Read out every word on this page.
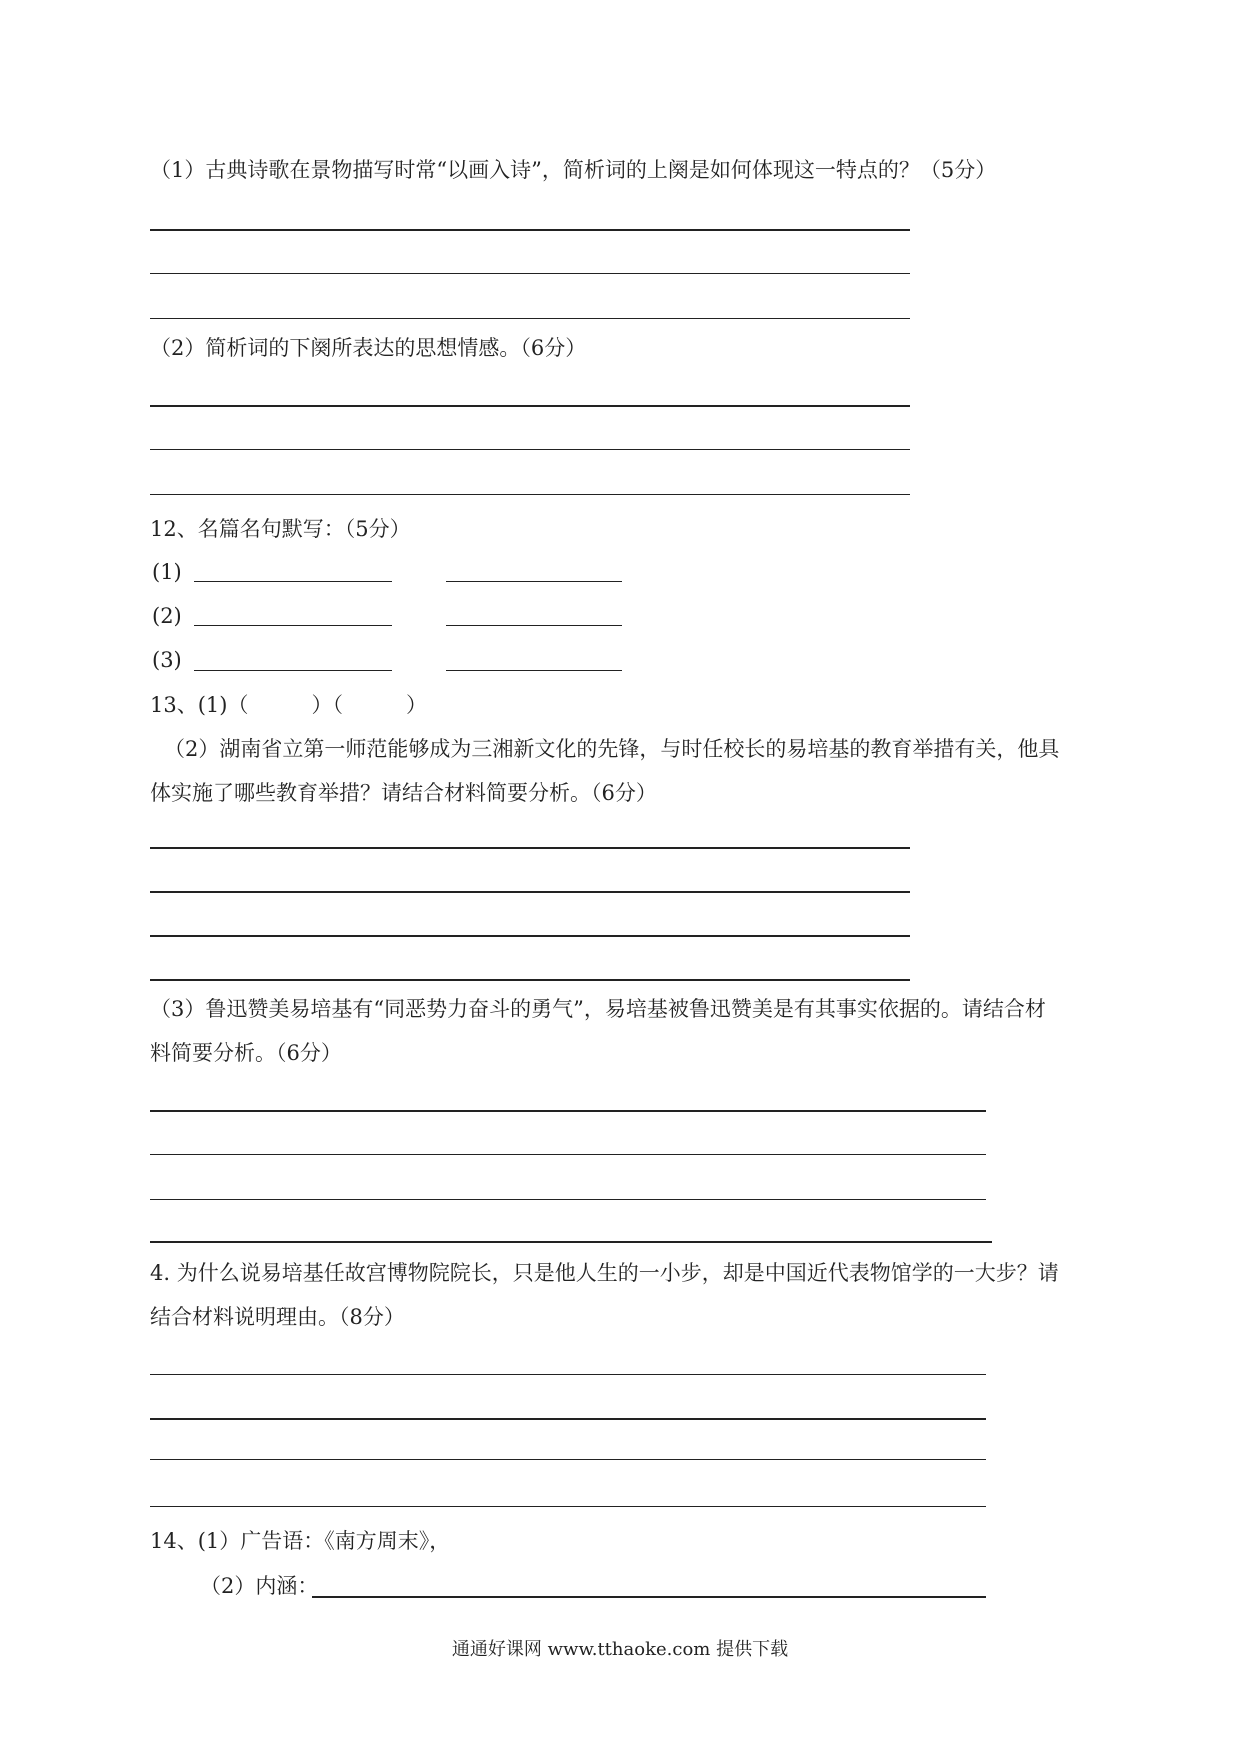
（1）古典诗歌在景物描写时常“以画入诗”，简析词的上阕是如何体现这一特点的？（5分）
（2）简析词的下阕所表达的思想情感。（6分）
12、名篇名句默写：（5分）
(1)
(2)
(3)
13、(1)（　　　）（　　　）
（2）湖南省立第一师范能够成为三湘新文化的先锋，与时任校长的易培基的教育举措有关，他具
体实施了哪些教育举措？请结合材料简要分析。（6分）
（3）鲁迅赞美易培基有“同恶势力奋斗的勇气”，易培基被鲁迅赞美是有其事实依据的。请结合材
料简要分析。（6分）
4. 为什么说易培基任故宫博物院院长，只是他人生的一小步，却是中国近代表物馆学的一大步？请
结合材料说明理由。（8分）
14、(1）广告语：《南方周末》，
（2）内涵：
通通好课网 www.tthaoke.com 提供下载
